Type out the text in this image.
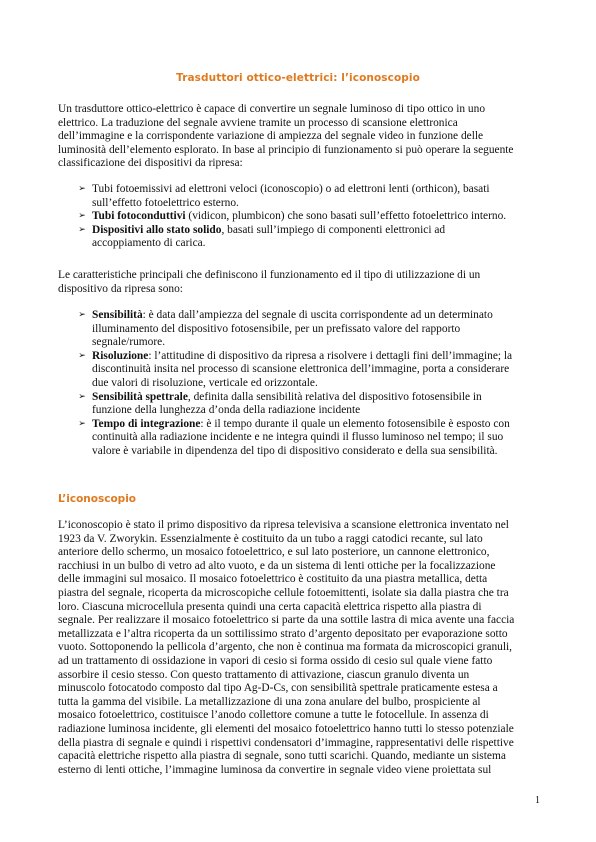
Trasduttori ottico-elettrici: l’iconoscopio
Un trasduttore ottico-elettrico è capace di convertire un segnale luminoso di tipo ottico in uno
elettrico. La traduzione del segnale avviene tramite un processo di scansione elettronica
dell’immagine e la corrispondente variazione di ampiezza del segnale video in funzione delle
luminosità dell’elemento esplorato. In base al principio di funzionamento si può operare la seguente
classificazione dei dispositivi da ripresa:
➢ Tubi fotoemissivi ad elettroni veloci (iconoscopio) o ad elettroni lenti (orthicon), basati
sull’effetto fotoelettrico esterno.
➢ Tubi fotoconduttivi (vidicon, plumbicon) che sono basati sull’effetto fotoelettrico interno.
➢ Dispositivi allo stato solido, basati sull’impiego di componenti elettronici ad
accoppiamento di carica.
Le caratteristiche principali che definiscono il funzionamento ed il tipo di utilizzazione di un
dispositivo da ripresa sono:
➢ Sensibilità: è data dall’ampiezza del segnale di uscita corrispondente ad un determinato
illuminamento del dispositivo fotosensibile, per un prefissato valore del rapporto
segnale/rumore.
➢ Risoluzione: l’attitudine di dispositivo da ripresa a risolvere i dettagli fini dell’immagine; la
discontinuità insita nel processo di scansione elettronica dell’immagine, porta a considerare
due valori di risoluzione, verticale ed orizzontale.
➢ Sensibilità spettrale, definita dalla sensibilità relativa del dispositivo fotosensibile in
funzione della lunghezza d’onda della radiazione incidente
➢ Tempo di integrazione: è il tempo durante il quale un elemento fotosensibile è esposto con
continuità alla radiazione incidente e ne integra quindi il flusso luminoso nel tempo; il suo
valore è variabile in dipendenza del tipo di dispositivo considerato e della sua sensibilità.
L’iconoscopio
L’iconoscopio è stato il primo dispositivo da ripresa televisiva a scansione elettronica inventato nel
1923 da V. Zworykin. Essenzialmente è costituito da un tubo a raggi catodici recante, sul lato
anteriore dello schermo, un mosaico fotoelettrico, e sul lato posteriore, un cannone elettronico,
racchiusi in un bulbo di vetro ad alto vuoto, e da un sistema di lenti ottiche per la focalizzazione
delle immagini sul mosaico. Il mosaico fotoelettrico è costituito da una piastra metallica, detta
piastra del segnale, ricoperta da microscopiche cellule fotoemittenti, isolate sia dalla piastra che tra
loro. Ciascuna microcellula presenta quindi una certa capacità elettrica rispetto alla piastra di
segnale. Per realizzare il mosaico fotoelettrico si parte da una sottile lastra di mica avente una faccia
metallizzata e l’altra ricoperta da un sottilissimo strato d’argento depositato per evaporazione sotto
vuoto. Sottoponendo la pellicola d’argento, che non è continua ma formata da microscopici granuli,
ad un trattamento di ossidazione in vapori di cesio si forma ossido di cesio sul quale viene fatto
assorbire il cesio stesso. Con questo trattamento di attivazione, ciascun granulo diventa un
minuscolo fotocatodo composto dal tipo Ag-D-Cs, con sensibilità spettrale praticamente estesa a
tutta la gamma del visibile. La metallizzazione di una zona anulare del bulbo, prospiciente al
mosaico fotoelettrico, costituisce l’anodo collettore comune a tutte le fotocellule. In assenza di
radiazione luminosa incidente, gli elementi del mosaico fotoelettrico hanno tutti lo stesso potenziale
della piastra di segnale e quindi i rispettivi condensatori d’immagine, rappresentativi delle rispettive
capacità elettriche rispetto alla piastra di segnale, sono tutti scarichi. Quando, mediante un sistema
esterno di lenti ottiche, l’immagine luminosa da convertire in segnale video viene proiettata sul
1
